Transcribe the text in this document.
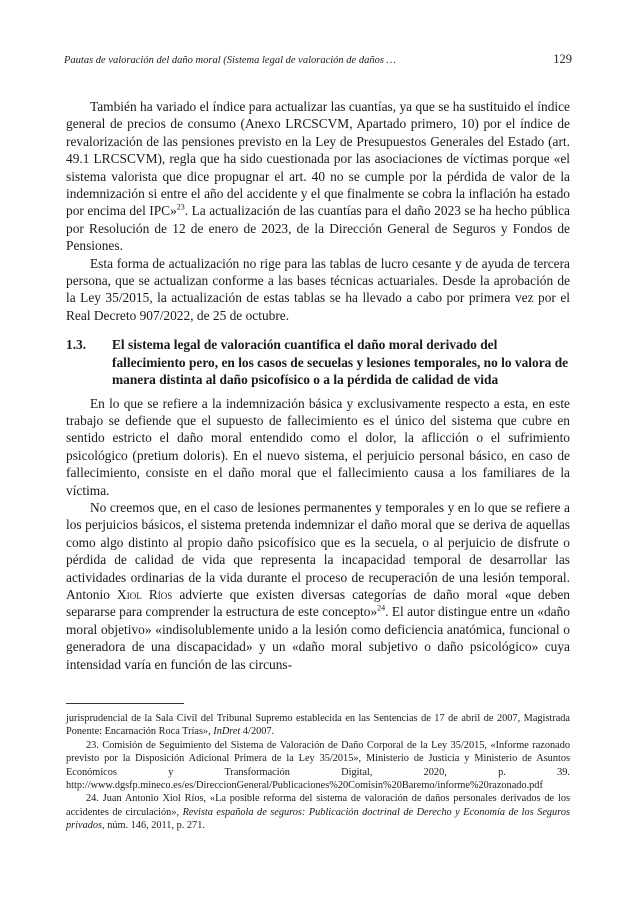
Pautas de valoración del daño moral (Sistema legal de valoración de daños …	129

También ha variado el índice para actualizar las cuantías, ya que se ha sustituido el índice general de precios de consumo (Anexo LRCSCVM, Apartado primero, 10) por el índice de revalorización de las pensiones previsto en la Ley de Presupuestos Generales del Estado (art. 49.1 LRCSCVM), regla que ha sido cuestionada por las asociaciones de víctimas porque «el sistema valorista que dice propugnar el art. 40 no se cumple por la pérdida de valor de la indemnización si entre el año del accidente y el que finalmente se cobra la inflación ha estado por encima del IPC»$^{23}$. La actualización de las cuantías para el daño 2023 se ha hecho pública por Resolución de 12 de enero de 2023, de la Dirección General de Seguros y Fondos de Pensiones.

Esta forma de actualización no rige para las tablas de lucro cesante y de ayuda de tercera persona, que se actualizan conforme a las bases técnicas actuariales. Desde la aprobación de la Ley 35/2015, la actualización de estas tablas se ha llevado a cabo por primera vez por el Real Decreto 907/2022, de 25 de octubre.

1.3.	El sistema legal de valoración cuantifica el daño moral derivado del fallecimiento pero, en los casos de secuelas y lesiones temporales, no lo valora de manera distinta al daño psicofísico o a la pérdida de calidad de vida

En lo que se refiere a la indemnización básica y exclusivamente respecto a esta, en este trabajo se defiende que el supuesto de fallecimiento es el único del sistema que cubre en sentido estricto el daño moral entendido como el dolor, la aflicción o el sufrimiento psicológico (pretium doloris). En el nuevo sistema, el perjuicio personal básico, en caso de fallecimiento, consiste en el daño moral que el fallecimiento causa a los familiares de la víctima.

No creemos que, en el caso de lesiones permanentes y temporales y en lo que se refiere a los perjuicios básicos, el sistema pretenda indemnizar el daño moral que se deriva de aquellas como algo distinto al propio daño psicofísico que es la secuela, o al perjuicio de disfrute o pérdida de calidad de vida que representa la incapacidad temporal de desarrollar las actividades ordinarias de la vida durante el proceso de recuperación de una lesión temporal. Antonio Xiol Ríos advierte que existen diversas categorías de daño moral «que deben separarse para comprender la estructura de este concepto»$^{24}$. El autor distingue entre un «daño moral objetivo» «indisolublemente unido a la lesión como deficiencia anatómica, funcional o generadora de una discapacidad» y un «daño moral subjetivo o daño psicológico» cuya intensidad varía en función de las circuns-

jurisprudencial de la Sala Civil del Tribunal Supremo establecida en las Sentencias de 17 de abril de 2007, Magistrada Ponente: Encarnación Roca Trías», InDret 4/2007.

23. Comisión de Seguimiento del Sistema de Valoración de Daño Corporal de la Ley 35/2015, «Informe razonado previsto por la Disposición Adicional Primera de la Ley 35/2015», Ministerio de Justicia y Ministerio de Asuntos Económicos y Transformación Digital, 2020, p. 39. http://www.dgsfp.mineco.es/es/DireccionGeneral/Publicaciones%20Comisin%20Baremo/informe%20razonado.pdf

24. Juan Antonio Xiol Ríos, «La posible reforma del sistema de valoración de daños personales derivados de los accidentes de circulación», Revista española de seguros: Publicación doctrinal de Derecho y Economía de los Seguros privados, núm. 146, 2011, p. 271.
